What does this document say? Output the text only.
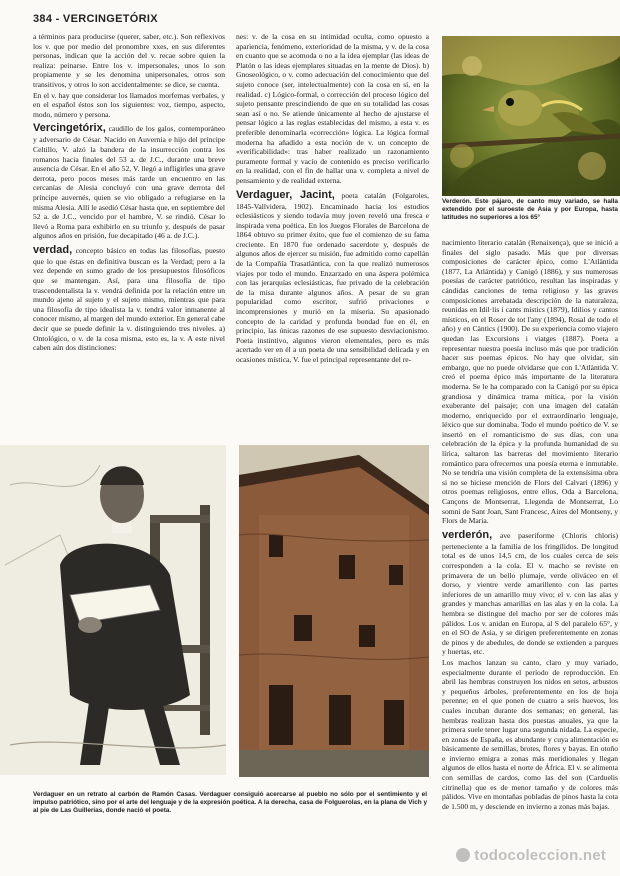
384 - VERCINGETÓRIX

a términos para producirse (querer, saber, etc.). Son reflexivos los v. que por medio del pronombre xxes, en sus diferentes personas, indican que la acción del v. recae sobre quien la realiza: peinarse. Entre los v. impersonales, unos lo son propiamente y se les denomina unipersonales, otros son transitivos, y otros lo son accidentalmente: se dice, se cuenta.

En el v. hay que considerar los llamados morfemas verbales, y en el español éstos son los siguientes: voz, tiempo, aspecto, modo, número y persona.

Vercingetórix, caudillo de los galos, contemporáneo y adversario de César. Nacido en Auvernia e hijo del príncipe Celtillo, V. alzó la bandera de la insurrección contra los romanos hacia finales del 53 a. de J.C., durante una breve ausencia de César. En el año 52, V. llegó a infligirles una grave derrota, pero pocos meses más tarde un encuentro en las cercanías de Alesia concluyó con una grave derrota del príncipe auvernés, quien se vio obligado a refugiarse en la misma Alesia. Allí le asedió César hasta que, en septiembre del 52 a. de J.C., vencido por el hambre, V. se rindió. César lo llevó a Roma para exhibirlo en su triunfo y, después de pasar algunos años en prisión, fue decapitado (46 a. de J.C.).

verdad, concepto básico en todas las filosofías, puesto que lo que éstas en definitiva buscan es la Verdad; pero a la vez depende en sumo grado de los presupuestos filosóficos que se mantengan. Así, para una filosofía de tipo trascendentalista la v. vendrá definida por la relación entre un mundo ajeno al sujeto y el sujeto mismo, mientras que para una filosofía de tipo idealista la v. tendrá valor inmanente al conocer mismo, al margen del mundo exterior. En general cabe decir que se puede definir la v. distinguiendo tres niveles. a) Ontológico, o v. de la cosa misma, esto es, la v. A este nivel caben aún dos distinciones:

nes: v. de la cosa en su intimidad oculta, como opuesto a apariencia, fenómeno, exterioridad de la misma, y v. de la cosa en cuanto que se acomoda o no a la idea ejemplar (las ideas de Platón o las ideas ejemplares situadas en la mente de Dios). b) Gnoseológico, o v. como adecuación del conocimiento que del sujeto conoce (ser, intelectualmente) con la cosa en sí, en la realidad. c) Lógico-formal, o corrección del proceso lógico del sujeto pensante prescindiendo de que en su totalidad las cosas sean así o no. Se atiende únicamente al hecho de ajustarse el pensar lógico a las reglas establecidas del mismo, a esta v. es preferible denominarla «corrección» lógica. La lógica formal moderna ha añadido a esta noción de v. un concepto de «verificabilidad»: tras haber realizado un razonamiento puramente formal y vacío de contenido es preciso verificarlo en la realidad, con el fin de hallar una v. completa a nivel de pensamiento y de realidad externa.

Verdaguer, Jacint, poeta catalán (Folgaroles, 1845-Vallvidera, 1902). Encaminado hacia los estudios eclesiásticos y siendo todavía muy joven reveló una fresca e inspirada vena poética. En los Juegos Florales de Barcelona de 1864 obtuvo su primer éxito, que fue el comienzo de su fama creciente. En 1870 fue ordenado sacerdote y, después de algunos años de ejercer su misión, fue admitido como capellán de la Compañía Trasatlántica, con la que realizó numerosos viajes por todo el mundo. Enzarzado en una áspera polémica con las jerarquías eclesiásticas, fue privado de la celebración de la misa durante algunos años. A pesar de su gran popularidad como escritor, sufrió privaciones e incomprensiones y murió en la miseria. Su apasionado concepto de la caridad y profunda bondad fue en él, en principio, las únicas razones de ese supuesto desviacionismo. Poeta instintivo, algunos vieron elementales, pero es más acertado ver en él a un poeta de una sensibilidad delicada y en ocasiones mística, V. fue el principal representante del re-

Verderón. Este pájaro, de canto muy variado, se halla extendido por el suroeste de Asia y por Europa, hasta latitudes no superiores a los 65°

nacimiento literario catalán (Renaixença), que se inició a finales del siglo pasado. Más que por diversas composiciones de carácter épico, como L'Atlàntida (1877, La Atlántida) y Canigó (1886), y sus numerosas poesías de carácter patriótico, resultan las inspiradas y cándidas canciones de tema religioso y las graves composiciones arrebatada descripción de la naturaleza, reunidas en Idil·lis i cants místics (1879), Idilios y cantos místicos, en el Roser de tot l'any (1894), Rosal de todo el año) y en Càntics (1900). De su experiencia como viajero quedan las Excursions i viatges (1887). Poeta a representar nuestra poesía incluso más que por tradición hacer sus poemas épicos. No hay que olvidar, sin embargo, que no puede olvidarse que con L'Atlàntida V. creó el poema épico más importante de la literatura moderna. Se le ha comparado con la Canigó por su épica grandiosa y dinámica trama mítica, por la visión exuberante del paisaje; con una imagen del catalán moderno, enriquecido por el extraordinario lenguaje, léxico que sur dominaba. Todo el mundo poético de V. se insertó en el romanticismo de sus días, con una celebración de la épica y la profunda humanidad de su lírica, saltaron las barreras del movimiento literario romántico para ofrecernos una poesía eterna e inmutable. No se tendría una visión completa de la extensísima obra si no se hiciese mención de Flors del Calvari (1896) y otros poemas religiosos, entre ellos, Oda a Barcelona, Cançons de Montserrat, Llegenda de Montserrat, Lo somni de Sant Joan, Sant Francesc, Aires del Montseny, y Flors de Maria.

verderón, ave paseriforme (Chloris chloris) perteneciente a la familia de los fringílidos. De longitud total es de unos 14,5 cm, de los cuales cerca de seis corresponden a la cola. El v. macho se reviste en primavera de un bello plumaje, verde oliváceo en el dorso, y vientre verde amarillento con las partes inferiores de un amarillo muy vivo; el v. con las alas y grandes y manchas amarillas en las alas y en la cola. La hembra se distingue del macho por ser de colores más pálidos. Los v. anidan en Europa, al S del paralelo 65°, y en el SO de Asia, y se dirigen preferentemente en zonas de pinos y de abedules, de donde se extienden a parques y huertas, etc.

Los machos lanzan su canto, claro y muy variado, especialmente durante el período de reproducción. En abril las hembras construyen los nidos en setos, arbustos y pequeños árboles, preferentemente en los de hoja perenne; en el que ponen de cuatro a seis huevos, los cuales incuban durante dos semanas; en general, las hembras realizan hasta dos puestas anuales, ya que la primera suele tener lugar una segunda nidada. La especie, en zonas de España, es abundante y cuya alimentación es básicamente de semillas, brotes, flores y bayas. En otoño e invierno emigra a zonas más meridionales y llegan algunos de ellos hasta el norte de África. El v. se alimenta con semillas de cardos, como las del son (Carduelis citrinella) que es de menor tamaño y de colores más pálidos. Vive en montañas pobladas de pinos hasta la cota de 1.500 m, y desciende en invierno a zonas más bajas.

Verdaguer en un retrato al carbón de Ramón Casas. Verdaguer consiguió acercarse al pueblo no sólo por el sentimiento y el impulso patriótico, sino por el arte del lenguaje y de la expresión poética. A la derecha, casa de Folguerolas, en la plana de Vich y al pie de Las Guillerías, donde nació el poeta.
todocoleccion.net
